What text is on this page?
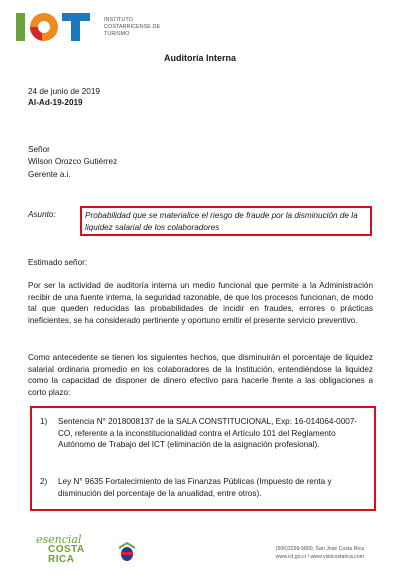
INSTITUTO
COSTARRICENSE DE
TURISMO
Auditoría Interna
24 de junio de 2019
Al-Ad-19-2019
Señor
Wilson Orozco Gutiérrez
Gerente a.i.
Asunto:	Probabilidad que se materialice el riesgo de fraude por la disminución de la liquidez salarial de los colaboradores
Estimado señor:
Por ser la actividad de auditoría interna un medio funcional que permite a la Administración recibir de una fuente interna, la seguridad razonable, de que los procesos funcionan, de modo tal que queden reducidas las probabilidades de incidir en fraudes, errores o prácticas ineficientes, se ha considerado pertinente y oportuno emitir el presente servicio preventivo.
Como antecedente se tienen los siguientes hechos, que disminuirán el porcentaje de liquidez salarial ordinaria promedio en los colaboradores de la Institución, entendiéndose la liquidez como la capacidad de disponer de dinero efectivo para hacerle frente a las obligaciones a corto plazo:
1) Sentencia N° 2018008137 de la SALA CONSTITUCIONAL, Exp: 16-014064-0007-CO, referente a la inconstitucionalidad contra el Artículo 101 del Reglamento Autónomo de Trabajo del ICT (eliminación de la asignación profesional).
2) Ley N° 9635 Fortalecimiento de las Finanzas Públicas (Impuesto de renta y disminución del porcentaje de la anualidad, entre otros).
esencial
COSTA
RICA
(506)2299-5800, San José Costa Rica
www.ict.go.cr / www.visitcostarica.com
